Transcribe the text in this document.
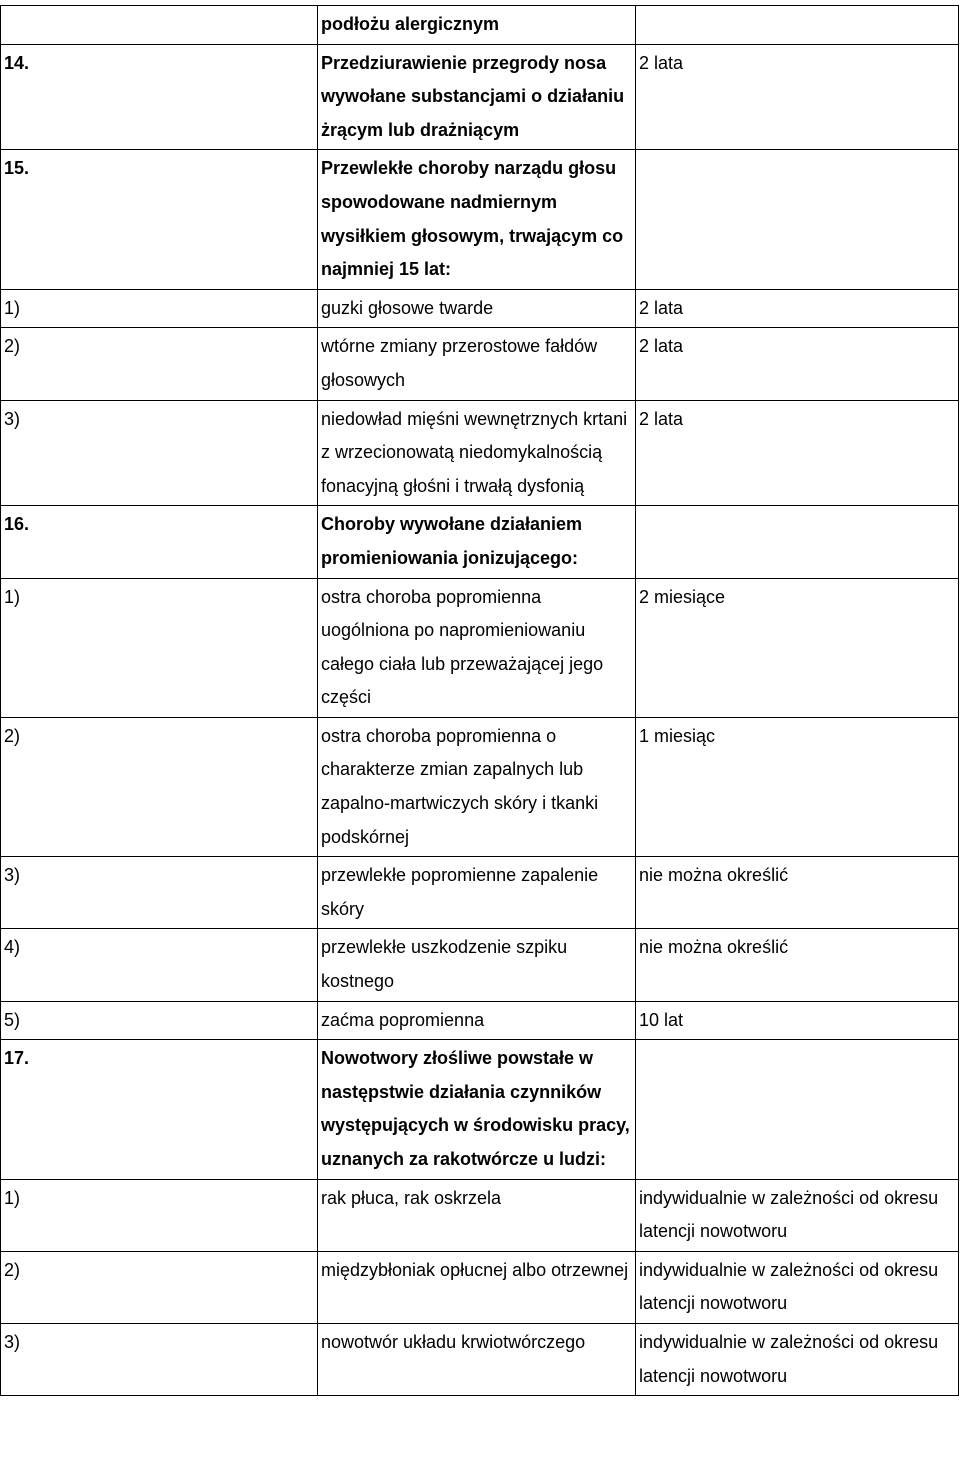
	podłożu alergicznym	

14.	Przedziurawienie przegrody nosa wywołane substancjami o działaniu żrącym lub drażniącym	2 lata

15.	Przewlekłe choroby narządu głosu spowodowane nadmiernym wysiłkiem głosowym, trwającym co najmniej 15 lat:	

1)	guzki głosowe twarde	2 lata

2)	wtórne zmiany przerostowe fałdów głosowych	2 lata

3)	niedowład mięśni wewnętrznych krtani z wrzecionowatą niedomykalnością fonacyjną głośni i trwałą dysfonią	2 lata

16.	Choroby wywołane działaniem promieniowania jonizującego:	

1)	ostra choroba popromienna uogólniona po napromieniowaniu całego ciała lub przeważającej jego części	2 miesiące

2)	ostra choroba popromienna o charakterze zmian zapalnych lub zapalno-martwiczych skóry i tkanki podskórnej	1 miesiąc

3)	przewlekłe popromienne zapalenie skóry	nie można określić

4)	przewlekłe uszkodzenie szpiku kostnego	nie można określić

5)	zaćma popromienna	10 lat

17.	Nowotwory złośliwe powstałe w następstwie działania czynników występujących w środowisku pracy, uznanych za rakotwórcze u ludzi:	

1)	rak płuca, rak oskrzela	indywidualnie w zależności od okresu latencji nowotworu

2)	międzybłoniak opłucnej albo otrzewnej	indywidualnie w zależności od okresu latencji nowotworu

3)	nowotwór układu krwiotwórczego	indywidualnie w zależności od okresu latencji nowotworu
